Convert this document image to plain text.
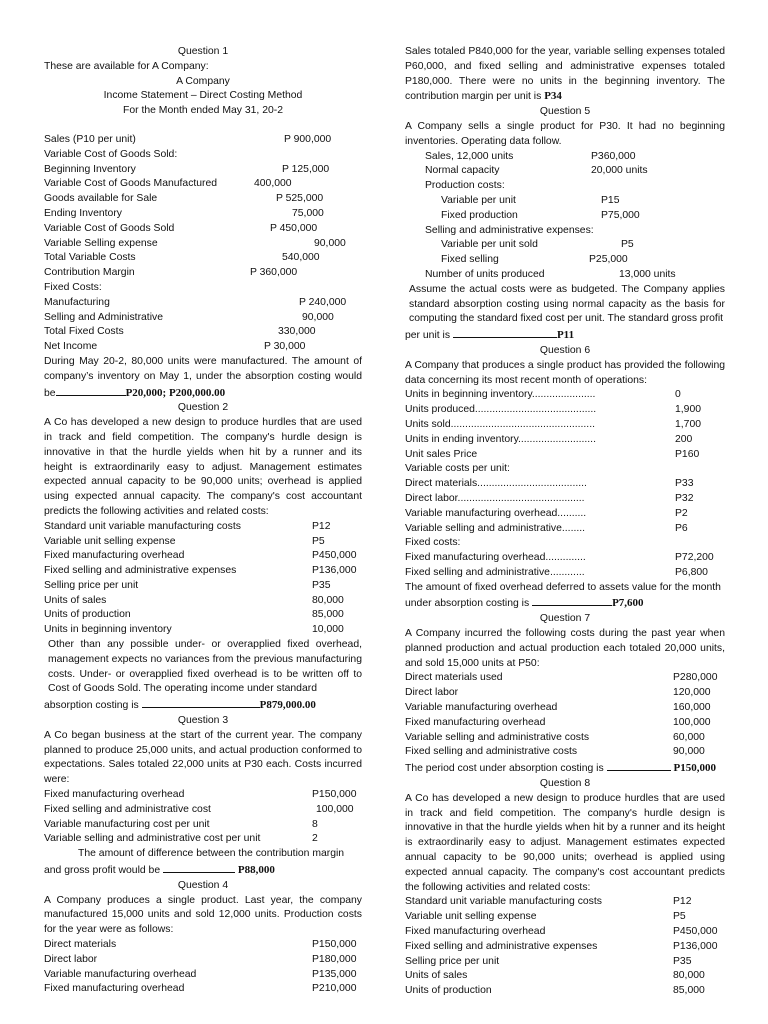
Question 1

These are available for A Company:

A Company

Income Statement – Direct Costing Method

For the Month ended May 31, 20-2

Sales (P10 per unit)	P 900,000
Variable Cost of Goods Sold:
Beginning Inventory	P 125,000
Variable Cost of Goods Manufactured	400,000
Goods available for Sale	P 525,000
Ending Inventory	75,000
Variable Cost of Goods Sold	P 450,000
Variable Selling expense	90,000
Total Variable Costs	540,000
Contribution Margin	P 360,000
Fixed Costs:
Manufacturing	P 240,000
Selling and Administrative	90,000
Total Fixed Costs	330,000
Net Income	P 30,000

During May 20-2, 80,000 units were manufactured. The amount of company’s inventory on May 1, under the absorption costing would be	P20,000; P200,000.00

Question 2

A Co has developed a new design to produce hurdles that are used in track and field competition. The company's hurdle design is innovative in that the hurdle yields when hit by a runner and its height is extraordinarily easy to adjust. Management estimates expected annual capacity to be 90,000 units; overhead is applied using expected annual capacity. The company's cost accountant predicts the following activities and related costs:

Standard unit variable manufacturing costs	P12
Variable unit selling expense	P5
Fixed manufacturing overhead	P450,000
Fixed selling and administrative expenses	P136,000
Selling price per unit	P35
Units of sales	80,000
Units of production	85,000
Units in beginning inventory	10,000

Other than any possible under- or overapplied fixed overhead, management expects no variances from the previous manufacturing costs. Under- or overapplied fixed overhead is to be written off to Cost of Goods Sold. The operating income under standard

absorption costing is	P879,000.00

Question 3

A Co began business at the start of the current year. The company planned to produce 25,000 units, and actual production conformed to expectations. Sales totaled 22,000 units at P30 each. Costs incurred were:

Fixed manufacturing overhead	P150,000
Fixed selling and administrative cost	100,000
Variable manufacturing cost per unit	8
Variable selling and administrative cost per unit	2

The amount of difference between the contribution margin

and gross profit would be	P88,000

Question 4

A Company produces a single product. Last year, the company manufactured 15,000 units and sold 12,000 units. Production costs for the year were as follows:

Direct materials	P150,000
Direct labor	P180,000
Variable manufacturing overhead	P135,000
Fixed manufacturing overhead	P210,000

Sales totaled P840,000 for the year, variable selling expenses totaled P60,000, and fixed selling and administrative expenses totaled P180,000. There were no units in the beginning inventory. The contribution margin per unit is P34

Question 5

A Company sells a single product for P30. It had no beginning inventories. Operating data follow.

Sales, 12,000 units	P360,000
Normal capacity	20,000 units
Production costs:
Variable per unit	P15
Fixed production	P75,000
Selling and administrative expenses:
Variable per unit sold	P5
Fixed selling	P25,000
Number of units produced	13,000 units

Assume the actual costs were as budgeted. The Company applies standard absorption costing using normal capacity as the basis for computing the standard fixed cost per unit. The standard gross profit

per unit is	P11

Question 6

A Company that produces a single product has provided the following data concerning its most recent month of operations:

Units in beginning inventory......................	0
Units produced..........................................	1,900
Units sold..................................................	1,700
Units in ending inventory...........................	200
Unit sales Price	P160
Variable costs per unit:
Direct materials......................................	P33
Direct labor............................................	P32
Variable manufacturing overhead..........	P2
Variable selling and administrative........	P6
Fixed costs:
Fixed manufacturing overhead..............	P72,200
Fixed selling and administrative............	P6,800

The amount of fixed overhead deferred to assets value for the month

under absorption costing is	P7,600

Question 7

A Company incurred the following costs during the past year when planned production and actual production each totaled 20,000 units, and sold 15,000 units at P50:

Direct materials used	P280,000
Direct labor	120,000
Variable manufacturing overhead	160,000
Fixed manufacturing overhead	100,000
Variable selling and administrative costs	60,000
Fixed selling and administrative costs	90,000

The period cost under absorption costing is	P150,000

Question 8

A Co has developed a new design to produce hurdles that are used in track and field competition. The company's hurdle design is innovative in that the hurdle yields when hit by a runner and its height is extraordinarily easy to adjust. Management estimates expected annual capacity to be 90,000 units; overhead is applied using expected annual capacity. The company's cost accountant predicts the following activities and related costs:

Standard unit variable manufacturing costs	P12
Variable unit selling expense	P5
Fixed manufacturing overhead	P450,000
Fixed selling and administrative expenses	P136,000
Selling price per unit	P35
Units of sales	80,000
Units of production	85,000
